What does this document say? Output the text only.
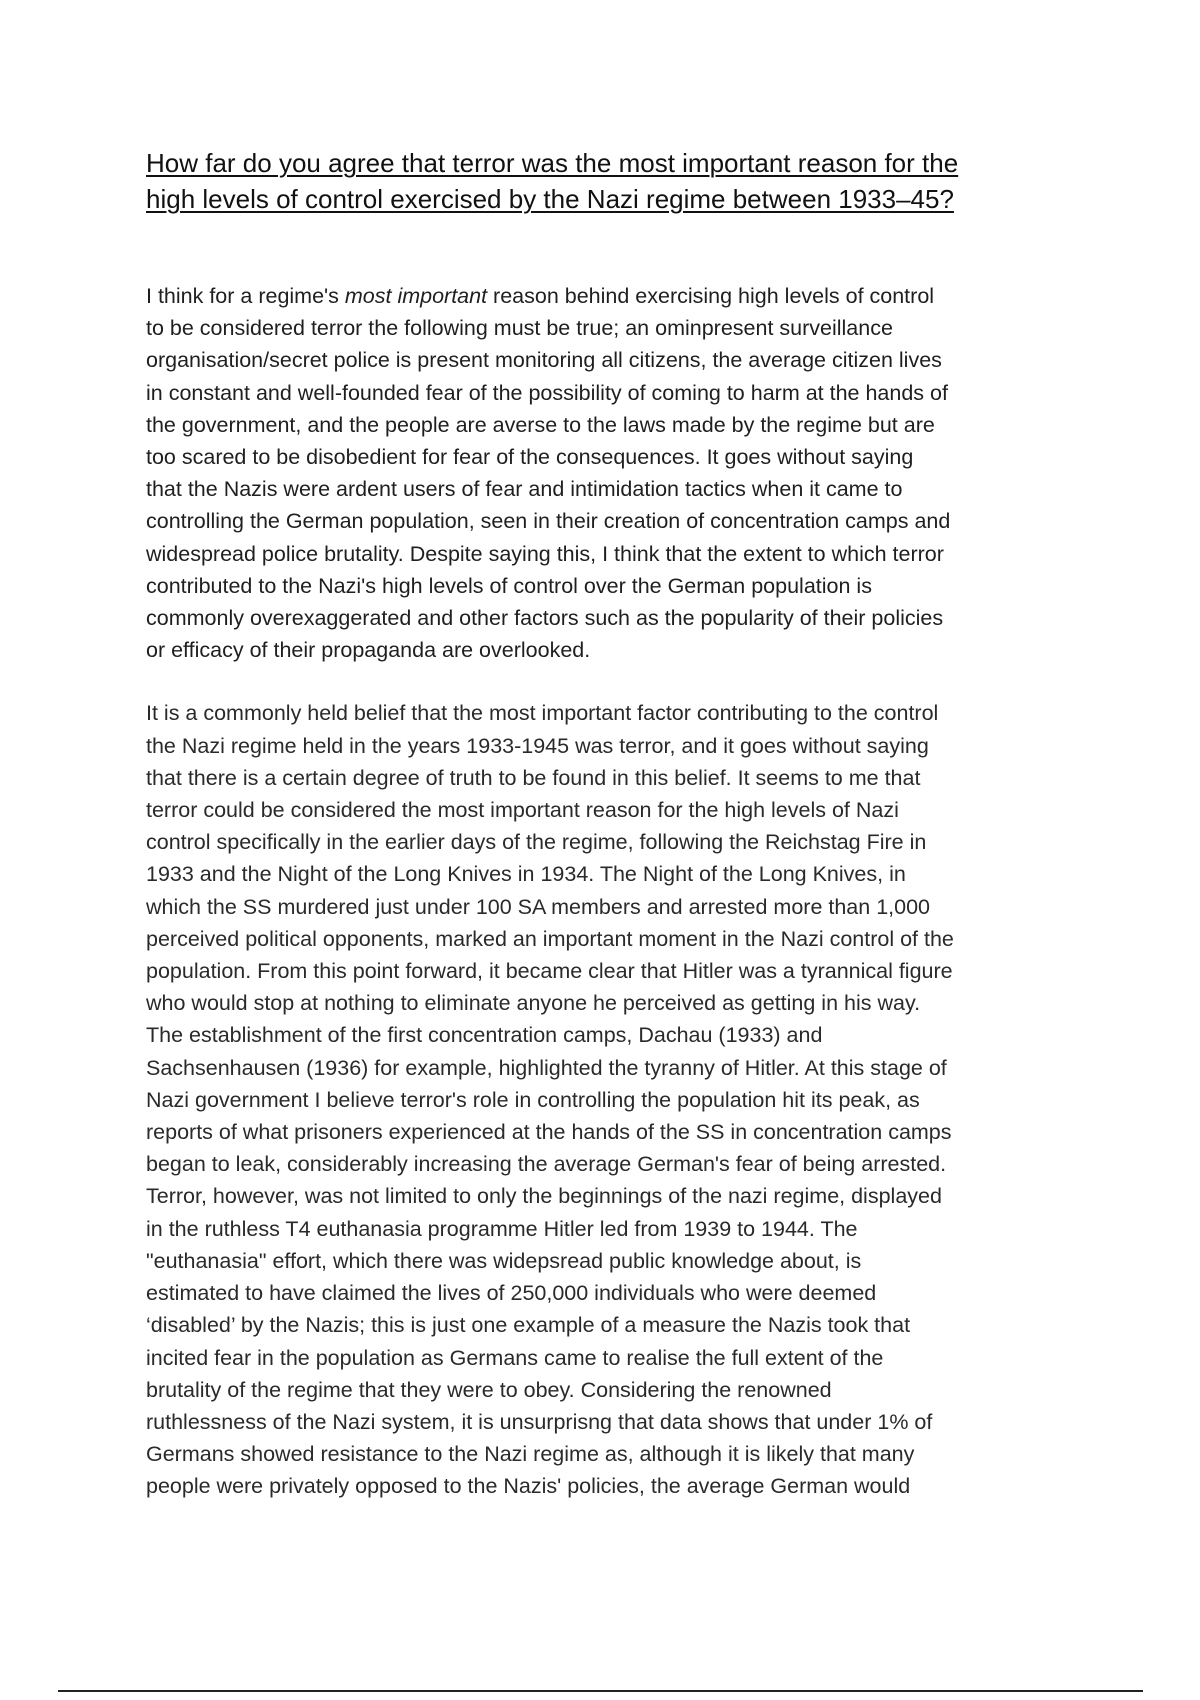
How far do you agree that terror was the most important reason for the
high levels of control exercised by the Nazi regime between 1933–45?

I think for a regime's most important reason behind exercising high levels of control
to be considered terror the following must be true; an ominpresent surveillance
organisation/secret police is present monitoring all citizens, the average citizen lives
in constant and well-founded fear of the possibility of coming to harm at the hands of
the government, and the people are averse to the laws made by the regime but are
too scared to be disobedient for fear of the consequences. It goes without saying
that the Nazis were ardent users of fear and intimidation tactics when it came to
controlling the German population, seen in their creation of concentration camps and
widespread police brutality. Despite saying this, I think that the extent to which terror
contributed to the Nazi's high levels of control over the German population is
commonly overexaggerated and other factors such as the popularity of their policies
or efficacy of their propaganda are overlooked.

It is a commonly held belief that the most important factor contributing to the control
the Nazi regime held in the years 1933-1945 was terror, and it goes without saying
that there is a certain degree of truth to be found in this belief. It seems to me that
terror could be considered the most important reason for the high levels of Nazi
control specifically in the earlier days of the regime, following the Reichstag Fire in
1933 and the Night of the Long Knives in 1934. The Night of the Long Knives, in
which the SS murdered just under 100 SA members and arrested more than 1,000
perceived political opponents, marked an important moment in the Nazi control of the
population. From this point forward, it became clear that Hitler was a tyrannical figure
who would stop at nothing to eliminate anyone he perceived as getting in his way.
The establishment of the first concentration camps, Dachau (1933) and
Sachsenhausen (1936) for example, highlighted the tyranny of Hitler. At this stage of
Nazi government I believe terror's role in controlling the population hit its peak, as
reports of what prisoners experienced at the hands of the SS in concentration camps
began to leak, considerably increasing the average German's fear of being arrested.
Terror, however, was not limited to only the beginnings of the nazi regime, displayed
in the ruthless T4 euthanasia programme Hitler led from 1939 to 1944. The
"euthanasia" effort, which there was widepsread public knowledge about, is
estimated to have claimed the lives of 250,000 individuals who were deemed
‘disabled’ by the Nazis; this is just one example of a measure the Nazis took that
incited fear in the population as Germans came to realise the full extent of the
brutality of the regime that they were to obey. Considering the renowned
ruthlessness of the Nazi system, it is unsurprisng that data shows that under 1% of
Germans showed resistance to the Nazi regime as, although it is likely that many
people were privately opposed to the Nazis' policies, the average German would
